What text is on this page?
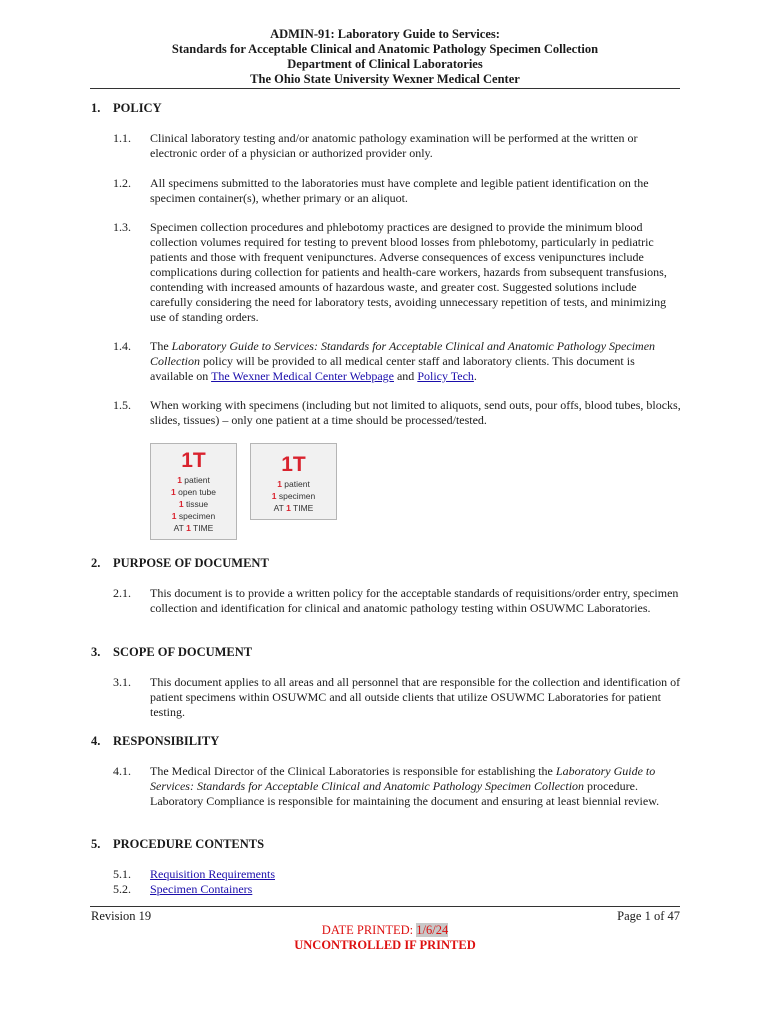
ADMIN-91: Laboratory Guide to Services:
Standards for Acceptable Clinical and Anatomic Pathology Specimen Collection
Department of Clinical Laboratories
The Ohio State University Wexner Medical Center
1. POLICY
1.1. Clinical laboratory testing and/or anatomic pathology examination will be performed at the written or electronic order of a physician or authorized provider only.
1.2. All specimens submitted to the laboratories must have complete and legible patient identification on the specimen container(s), whether primary or an aliquot.
1.3. Specimen collection procedures and phlebotomy practices are designed to provide the minimum blood collection volumes required for testing to prevent blood losses from phlebotomy, particularly in pediatric patients and those with frequent venipunctures. Adverse consequences of excess venipunctures include complications during collection for patients and health-care workers, hazards from subsequent transfusions, contending with increased amounts of hazardous waste, and greater cost. Suggested solutions include carefully considering the need for laboratory tests, avoiding unnecessary repetition of tests, and minimizing use of standing orders.
1.4. The Laboratory Guide to Services: Standards for Acceptable Clinical and Anatomic Pathology Specimen Collection policy will be provided to all medical center staff and laboratory clients. This document is available on The Wexner Medical Center Webpage and Policy Tech.
1.5. When working with specimens (including but not limited to aliquots, send outs, pour offs, blood tubes, blocks, slides, tissues) – only one patient at a time should be processed/tested.
1T
1 patient
1 open tube
1 tissue
1 specimen
AT 1 TIME
1T
1 patient
1 specimen
AT 1 TIME
2. PURPOSE OF DOCUMENT
2.1. This document is to provide a written policy for the acceptable standards of requisitions/order entry, specimen collection and identification for clinical and anatomic pathology testing within OSUWMC Laboratories.
3. SCOPE OF DOCUMENT
3.1. This document applies to all areas and all personnel that are responsible for the collection and identification of patient specimens within OSUWMC and all outside clients that utilize OSUWMC Laboratories for patient testing.
4. RESPONSIBILITY
4.1. The Medical Director of the Clinical Laboratories is responsible for establishing the Laboratory Guide to Services: Standards for Acceptable Clinical and Anatomic Pathology Specimen Collection procedure. Laboratory Compliance is responsible for maintaining the document and ensuring at least biennial review.
5. PROCEDURE CONTENTS
5.1. Requisition Requirements
5.2. Specimen Containers
Revision 19	Page 1 of 47
DATE PRINTED: 1/6/24
UNCONTROLLED IF PRINTED
